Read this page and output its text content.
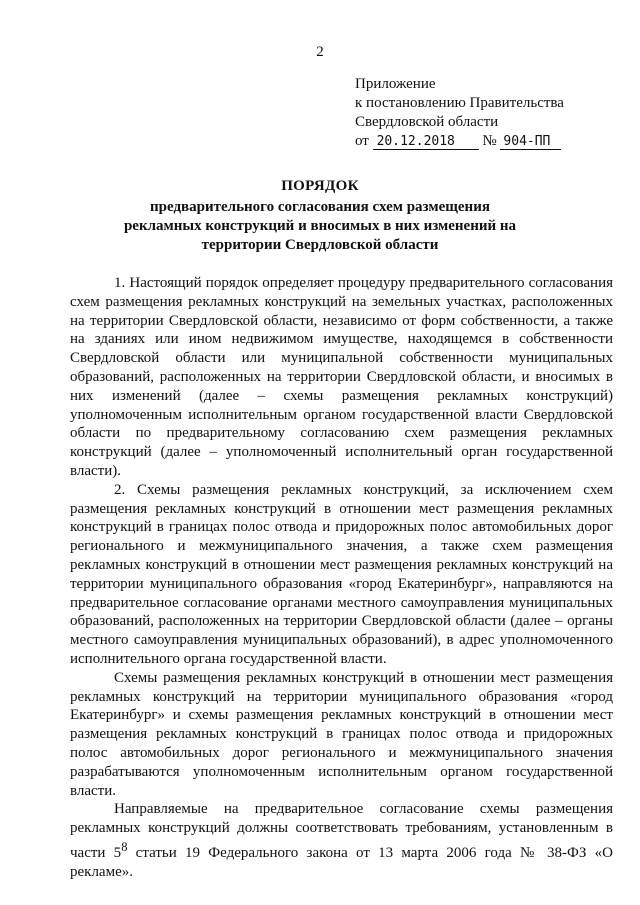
2
Приложение
к постановлению Правительства
Свердловской области
от 20.12.2018 № 904-ПП
ПОРЯДОК
предварительного согласования схем размещения рекламных конструкций и вносимых в них изменений на территории Свердловской области

1. Настоящий порядок определяет процедуру предварительного согласования схем размещения рекламных конструкций на земельных участках, расположенных на территории Свердловской области, независимо от форм собственности, а также на зданиях или ином недвижимом имуществе, находящемся в собственности Свердловской области или муниципальной собственности муниципальных образований, расположенных на территории Свердловской области, и вносимых в них изменений (далее – схемы размещения рекламных конструкций) уполномоченным исполнительным органом государственной власти Свердловской области по предварительному согласованию схем размещения рекламных конструкций (далее – уполномоченный исполнительный орган государственной власти).

2. Схемы размещения рекламных конструкций, за исключением схем размещения рекламных конструкций в отношении мест размещения рекламных конструкций в границах полос отвода и придорожных полос автомобильных дорог регионального и межмуниципального значения, а также схем размещения рекламных конструкций в отношении мест размещения рекламных конструкций на территории муниципального образования «город Екатеринбург», направляются на предварительное согласование органами местного самоуправления муниципальных образований, расположенных на территории Свердловской области (далее – органы местного самоуправления муниципальных образований), в адрес уполномоченного исполнительного органа государственной власти.

Схемы размещения рекламных конструкций в отношении мест размещения рекламных конструкций на территории муниципального образования «город Екатеринбург» и схемы размещения рекламных конструкций в отношении мест размещения рекламных конструкций в границах полос отвода и придорожных полос автомобильных дорог регионального и межмуниципального значения разрабатываются уполномоченным исполнительным органом государственной власти.

Направляемые на предварительное согласование схемы размещения рекламных конструкций должны соответствовать требованиям, установленным в части $5^8$ статьи 19 Федерального закона от 13 марта 2006 года № 38-ФЗ «О рекламе».
